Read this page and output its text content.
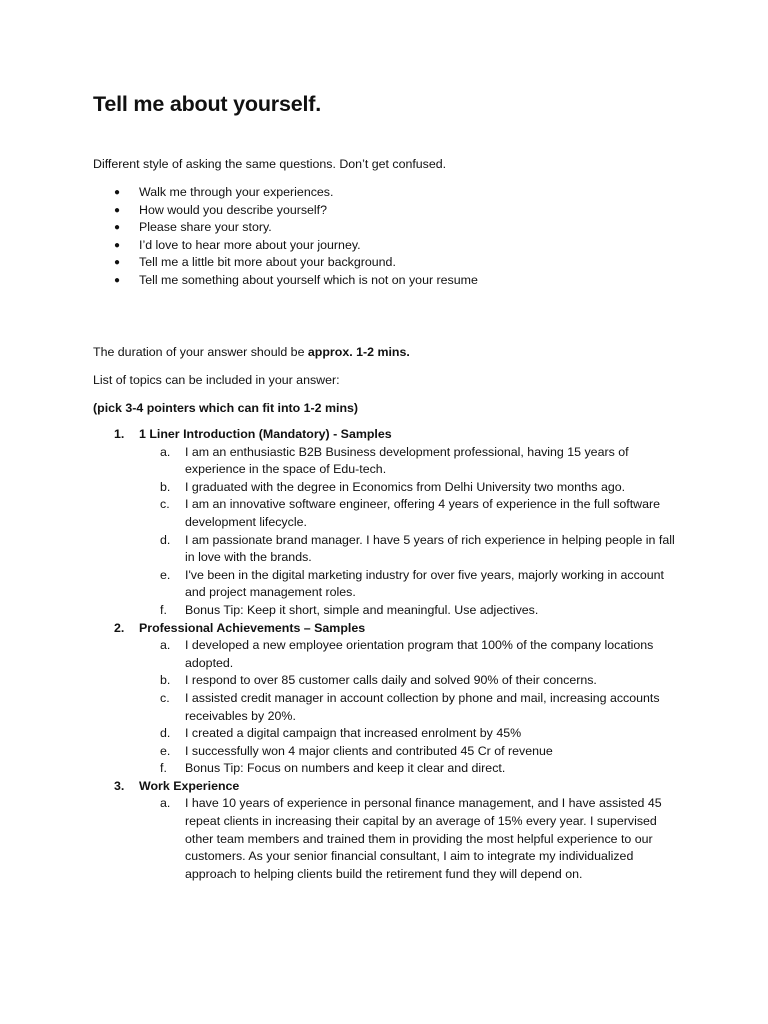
Tell me about yourself.

Different style of asking the same questions. Don’t get confused.

● Walk me through your experiences.
● How would you describe yourself?
● Please share your story.
● I’d love to hear more about your journey.
● Tell me a little bit more about your background.
● Tell me something about yourself which is not on your resume

The duration of your answer should be approx. 1-2 mins.

List of topics can be included in your answer:

(pick 3-4 pointers which can fit into 1-2 mins)

1. 1 Liner Introduction (Mandatory) - Samples
a. I am an enthusiastic B2B Business development professional, having 15 years of experience in the space of Edu-tech.
b. I graduated with the degree in Economics from Delhi University two months ago.
c. I am an innovative software engineer, offering 4 years of experience in the full software development lifecycle.
d. I am passionate brand manager. I have 5 years of rich experience in helping people in fall in love with the brands.
e. I've been in the digital marketing industry for over five years, majorly working in account and project management roles.
f. Bonus Tip: Keep it short, simple and meaningful. Use adjectives.
2. Professional Achievements – Samples
a. I developed a new employee orientation program that 100% of the company locations adopted.
b. I respond to over 85 customer calls daily and solved 90% of their concerns.
c. I assisted credit manager in account collection by phone and mail, increasing accounts receivables by 20%.
d. I created a digital campaign that increased enrolment by 45%
e. I successfully won 4 major clients and contributed 45 Cr of revenue
f. Bonus Tip: Focus on numbers and keep it clear and direct.
3. Work Experience
a. I have 10 years of experience in personal finance management, and I have assisted 45 repeat clients in increasing their capital by an average of 15% every year. I supervised other team members and trained them in providing the most helpful experience to our customers. As your senior financial consultant, I aim to integrate my individualized approach to helping clients build the retirement fund they will depend on.
